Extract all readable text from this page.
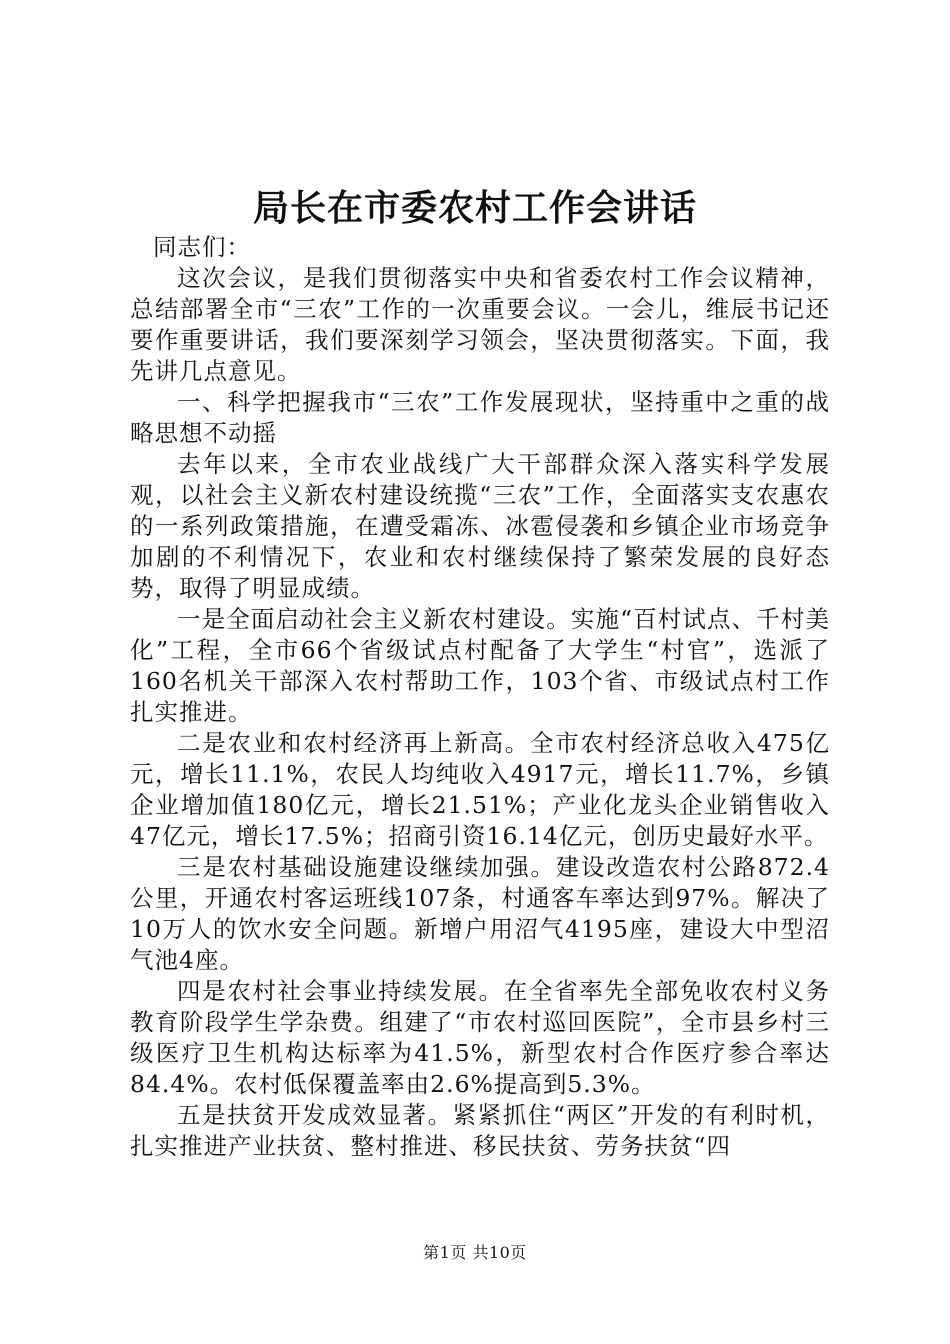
局长在市委农村工作会讲话

同志们：

这次会议，是我们贯彻落实中央和省委农村工作会议精神，总结部署全市“三农”工作的一次重要会议。一会儿，维辰书记还要作重要讲话，我们要深刻学习领会，坚决贯彻落实。下面，我先讲几点意见。

一、科学把握我市“三农”工作发展现状，坚持重中之重的战略思想不动摇

去年以来，全市农业战线广大干部群众深入落实科学发展观，以社会主义新农村建设统揽“三农”工作，全面落实支农惠农的一系列政策措施，在遭受霜冻、冰雹侵袭和乡镇企业市场竞争加剧的不利情况下，农业和农村继续保持了繁荣发展的良好态势，取得了明显成绩。

一是全面启动社会主义新农村建设。实施“百村试点、千村美化”工程，全市66个省级试点村配备了大学生“村官”，选派了160名机关干部深入农村帮助工作，103个省、市级试点村工作扎实推进。

二是农业和农村经济再上新高。全市农村经济总收入475亿元，增长11.1%，农民人均纯收入4917元，增长11.7%，乡镇企业增加值180亿元，增长21.51%；产业化龙头企业销售收入47亿元，增长17.5%；招商引资16.14亿元，创历史最好水平。

三是农村基础设施建设继续加强。建设改造农村公路872.4公里，开通农村客运班线107条，村通客车率达到97%。解决了10万人的饮水安全问题。新增户用沼气4195座，建设大中型沼气池4座。

四是农村社会事业持续发展。在全省率先全部免收农村义务教育阶段学生学杂费。组建了“市农村巡回医院”，全市县乡村三级医疗卫生机构达标率为41.5%，新型农村合作医疗参合率达84.4%。农村低保覆盖率由2.6%提高到5.3%。

五是扶贫开发成效显著。紧紧抓住“两区”开发的有利时机，扎实推进产业扶贫、整村推进、移民扶贫、劳务扶贫“四

第1页 共10页
